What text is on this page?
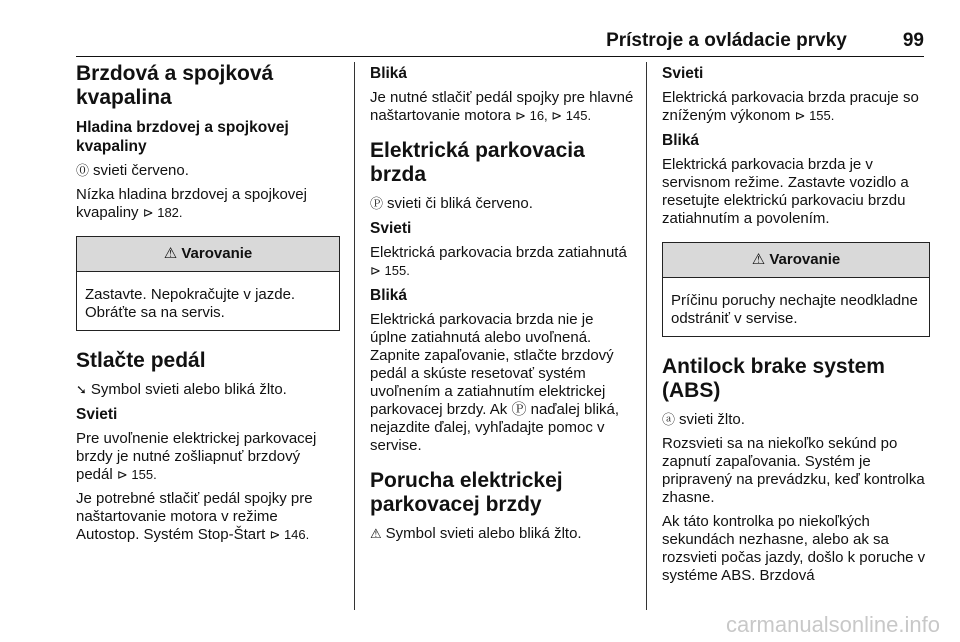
Prístroje a ovládacie prvky	99
Brzdová a spojková kvapalina
Hladina brzdovej a spojkovej kvapaliny

⓪ svieti červeno.

Nízka hladina brzdovej a spojkovej kvapaliny ⊳ 182.

⚠ Varovanie
Zastavte. Nepokračujte v jazde. Obráťte sa na servis.
Stlačte pedál

➘ Symbol svieti alebo bliká žlto.

Svieti

Pre uvoľnenie elektrickej parkovacej brzdy je nutné zošliapnuť brzdový pedál ⊳ 155.

Je potrebné stlačiť pedál spojky pre naštartovanie motora v režime Autostop. Systém Stop-Štart ⊳ 146.

Bliká

Je nutné stlačiť pedál spojky pre hlavné naštartovanie motora ⊳ 16, ⊳ 145.

Elektrická parkovacia brzda

Ⓟ svieti či bliká červeno.

Svieti

Elektrická parkovacia brzda zatiahnutá ⊳ 155.

Bliká

Elektrická parkovacia brzda nie je úplne zatiahnutá alebo uvoľnená. Zapnite zapaľovanie, stlačte brzdový pedál a skúste resetovať systém uvoľnením a zatiahnutím elektrickej parkovacej brzdy. Ak Ⓟ naďalej bliká, nejazdite ďalej, vyhľadajte pomoc v servise.

Porucha elektrickej parkovacej brzdy

⚠ Symbol svieti alebo bliká žlto.

Svieti

Elektrická parkovacia brzda pracuje so zníženým výkonom ⊳ 155.

Bliká

Elektrická parkovacia brzda je v servisnom režime. Zastavte vozidlo a resetujte elektrickú parkovaciu brzdu zatiahnutím a povolením.

⚠ Varovanie
Príčinu poruchy nechajte neodkladne odstrániť v servise.
Antilock brake system (ABS)

ⓐ svieti žlto.

Rozsvieti sa na niekoľko sekúnd po zapnutí zapaľovania. Systém je pripravený na prevádzku, keď kontrolka zhasne.

Ak táto kontrolka po niekoľkých sekundách nezhasne, alebo ak sa rozsvieti počas jazdy, došlo k poruche v systéme ABS. Brzdová

carmanualsonline.info
